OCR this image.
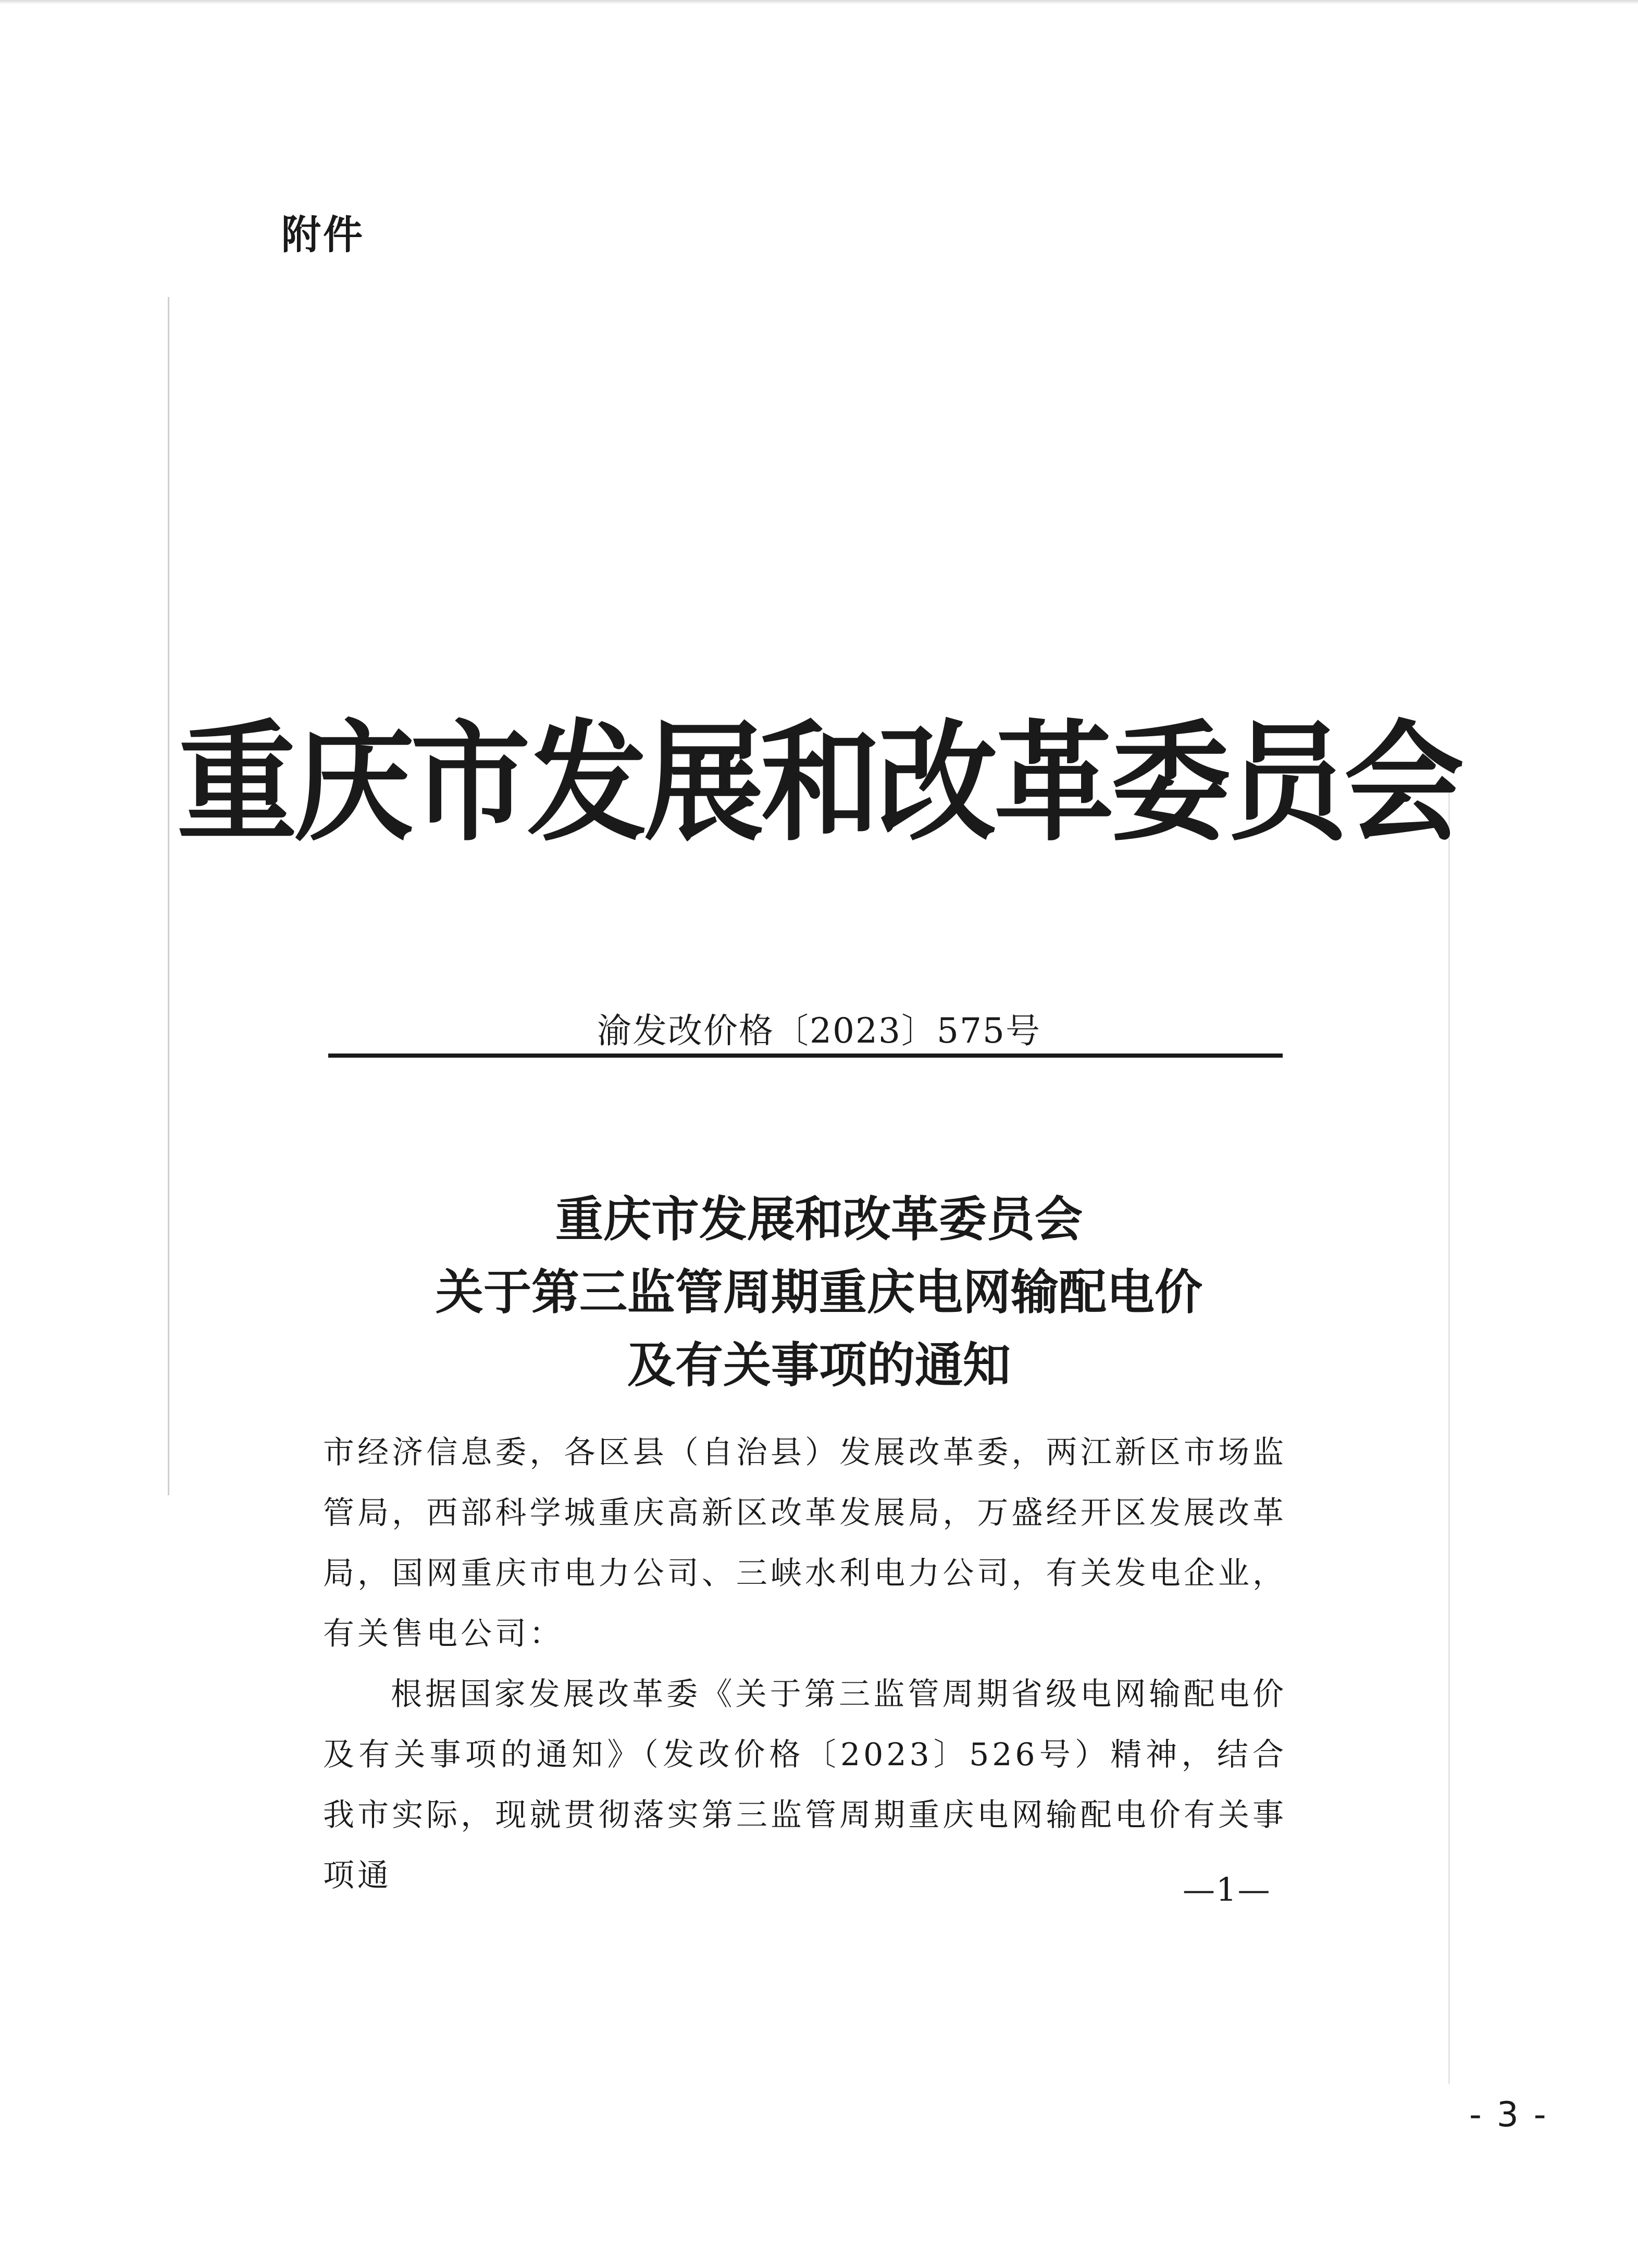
附件
重庆市发展和改革委员会
渝发改价格〔2023〕575号
重庆市发展和改革委员会
关于第三监管周期重庆电网输配电价
及有关事项的通知

市经济信息委，各区县（自治县）发展改革委，两江新区市场监管局，西部科学城重庆高新区改革发展局，万盛经开区发展改革局，国网重庆市电力公司、三峡水利电力公司，有关发电企业，有关售电公司：

根据国家发展改革委《关于第三监管周期省级电网输配电价及有关事项的通知》（发改价格〔2023〕526号）精神，结合我市实际，现就贯彻落实第三监管周期重庆电网输配电价有关事项通	—1—
- 3 -
